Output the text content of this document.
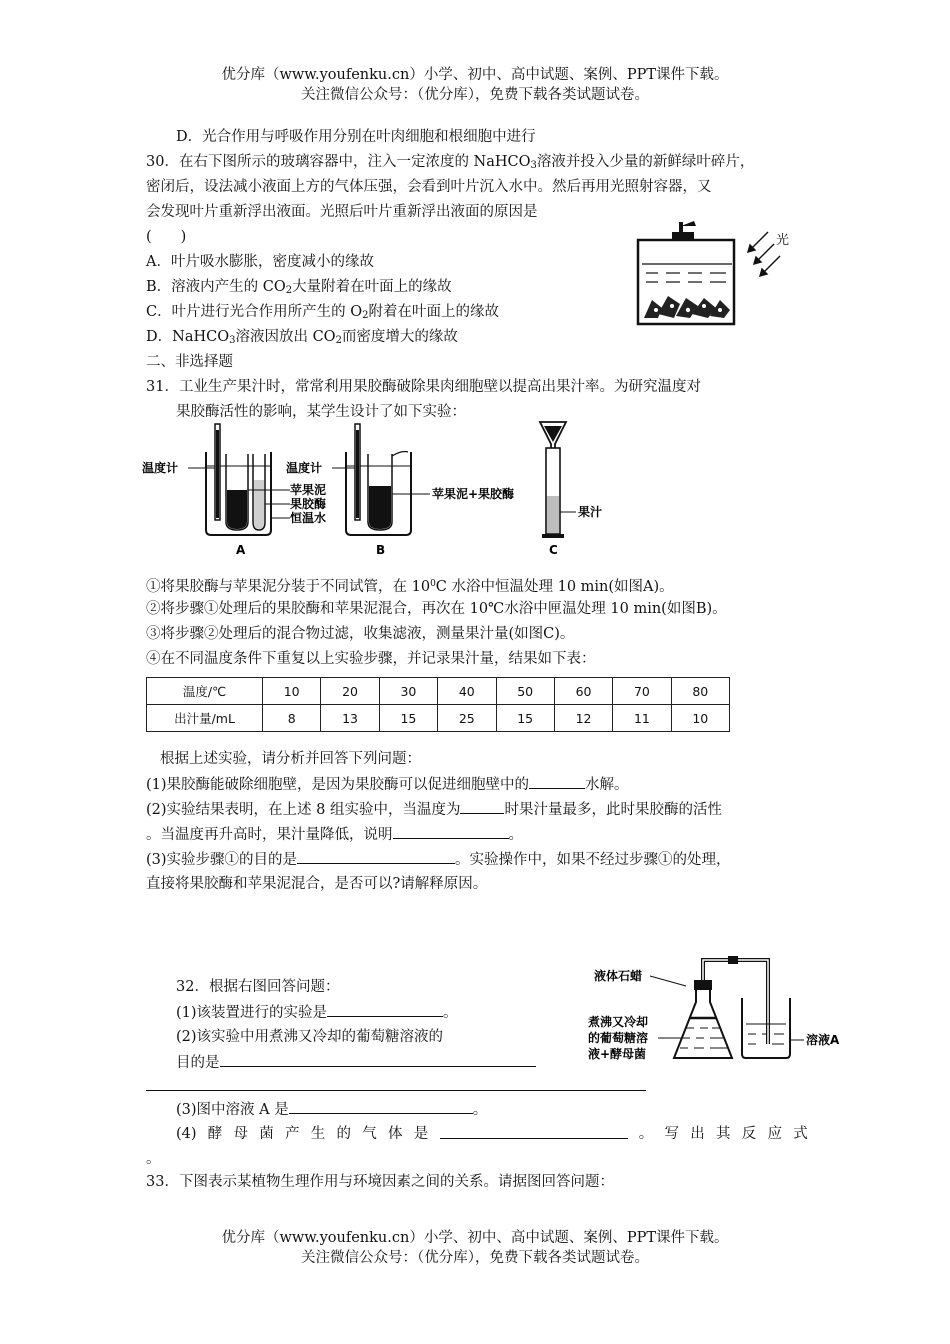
优分库（www.youfenku.cn）小学、初中、高中试题、案例、PPT课件下载。
关注微信公众号：（优分库），免费下载各类试题试卷。
D．光合作用与呼吸作用分别在叶肉细胞和根细胞中进行
30．在右下图所示的玻璃容器中，注入一定浓度的 NaHCO$_3$溶液并投入少量的新鲜绿叶碎片，
密闭后，设法减小液面上方的气体压强，会看到叶片沉入水中。然后再用光照射容器，又
会发现叶片重新浮出液面。光照后叶片重新浮出液面的原因是
(　　)
A．叶片吸水膨胀，密度减小的缘故
B．溶液内产生的 $CO_2$大量附着在叶面上的缘故
C．叶片进行光合作用所产生的 $O_2$附着在叶面上的缘故
D．NaHCO$_3$溶液因放出 $CO_2$而密度增大的缘故
光
二、非选择题
31．工业生产果汁时，常常利用果胶酶破除果肉细胞壁以提高出果汁率。为研究温度对
果胶酶活性的影响，某学生设计了如下实验：
温度计
苹果泥
果胶酶
恒温水
A
温度计
苹果泥+果胶酶
B
果汁
C
①将果胶酶与苹果泥分装于不同试管，在 $10^0C$ 水浴中恒温处理 10 min(如图A)。
②将步骤①处理后的果胶酶和苹果泥混合，再次在 10℃水浴中匣温处理 10 min(如图B)。
③将步骤②处理后的混合物过滤，收集滤液，测量果汁量(如图C)。
④在不同温度条件下重复以上实验步骤，并记录果汁量，结果如下表：
温度/℃	10	20	30	40	50	60	70	80
出汁量/mL	8	13	15	25	15	12	11	10
根据上述实验，请分析并回答下列问题：
(1)果胶酶能破除细胞壁，是因为果胶酶可以促进细胞壁中的	水解。
(2)实验结果表明，在上述 8 组实验中，当温度为	时果汁量最多，此时果胶酶的活性
。当温度再升高时，果汁量降低，说明	。
(3)实验步骤①的目的是	。实验操作中，如果不经过步骤①的处理，
直接将果胶酶和苹果泥混合，是否可以?请解释原因。
32．根据右图回答问题：
(1)该装置进行的实验是	。
(2)该实验中用煮沸又冷却的葡萄糖溶液的
目的是
(3)图中溶液 A 是	。
(4) 酵 母 菌 产 生 的 气 体 是	。 写 出 其 反 应 式
。
液体石蜡
煮沸又冷却
的葡萄糖溶
液+酵母菌
溶液A
33．下图表示某植物生理作用与环境因素之间的关系。请据图回答问题：
优分库（www.youfenku.cn）小学、初中、高中试题、案例、PPT课件下载。
关注微信公众号：（优分库），免费下载各类试题试卷。
